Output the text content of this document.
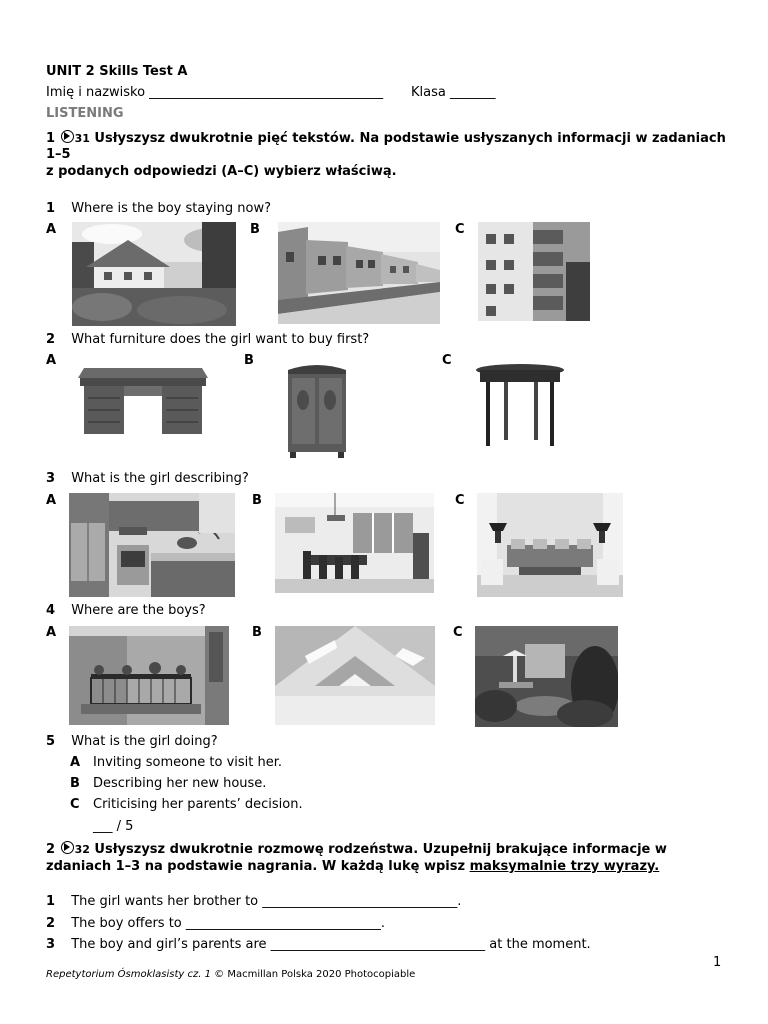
UNIT 2 Skills Test A
Imię i nazwisko ____________________________________ Klasa _______
LISTENING
1 31 Usłyszysz dwukrotnie pięć tekstów. Na podstawie usłyszanych informacji w zadaniach
1–5
z podanych odpowiedzi (A–C) wybierz właściwą.
1 Where is the boy staying now?
A	B	C
2 What furniture does the girl want to buy first?
A	B	C
3 What is the girl describing?
A	B	C
4 Where are the boys?
A	B	C
5 What is the girl doing?
A Inviting someone to visit her.
B Describing her new house.
C Criticising her parents’ decision.
___ / 5
2 32 Usłyszysz dwukrotnie rozmowę rodzeństwa. Uzupełnij brakujące informacje w
zdaniach 1–3 na podstawie nagrania. W każdą lukę wpisz maksymalnie trzy wyrazy.
1 The girl wants her brother to ______________________________.
2 The boy offers to ______________________________.
3 The boy and girl’s parents are _________________________________ at the moment.
1
Repetytorium Ósmoklasisty cz. 1 © Macmillan Polska 2020 Photocopiable
